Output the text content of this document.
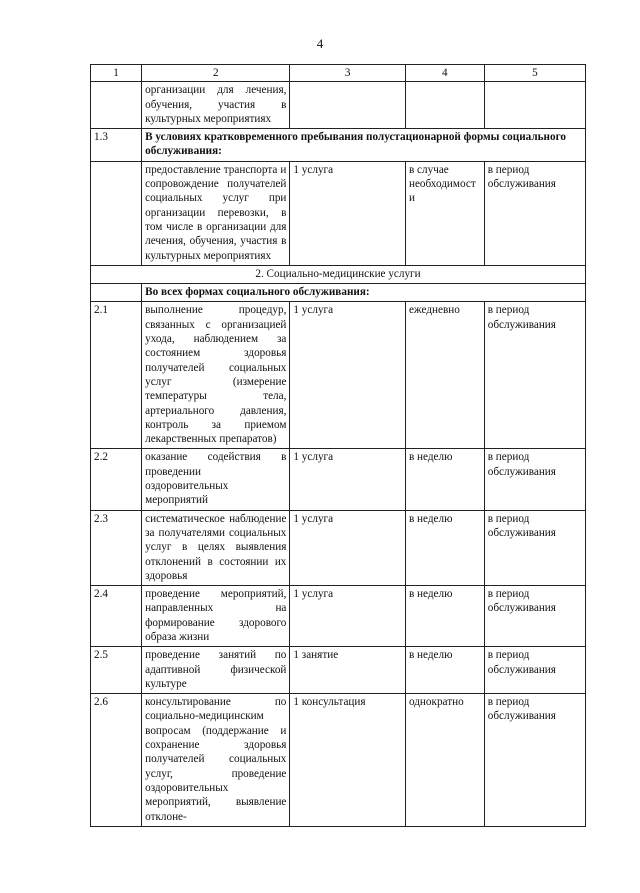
4
1	2	3	4	5
	организации для лечения, обучения, участия в культурных мероприятиях			
1.3	В условиях кратковременного пребывания полустационарной формы социального обслуживания:			
	предоставление транспорта и сопровождение получателей социальных услуг при организации перевозки, в том числе в организации для лечения, обучения, участия в культурных мероприятиях	1 услуга	в случае необходимости	в период обслуживания
2. Социально-медицинские услуги				
	Во всех формах социального обслуживания:			
2.1	выполнение процедур, связанных с организацией ухода, наблюдением за состоянием здоровья получателей социальных услуг (измерение температуры тела, артериального давления, контроль за приемом лекарственных препаратов)	1 услуга	ежедневно	в период обслуживания
2.2	оказание содействия в проведении оздоровительных мероприятий	1 услуга	в неделю	в период обслуживания
2.3	систематическое наблюдение за получателями социальных услуг в целях выявления отклонений в состоянии их здоровья	1 услуга	в неделю	в период обслуживания
2.4	проведение мероприятий, направленных на формирование здорового образа жизни	1 услуга	в неделю	в период обслуживания
2.5	проведение занятий по адаптивной физической культуре	1 занятие	в неделю	в период обслуживания
2.6	консультирование по социально-медицинским вопросам (поддержание и сохранение здоровья получателей социальных услуг, проведение оздоровительных мероприятий, выявление отклоне-	1 консультация	однократно	в период обслуживания
